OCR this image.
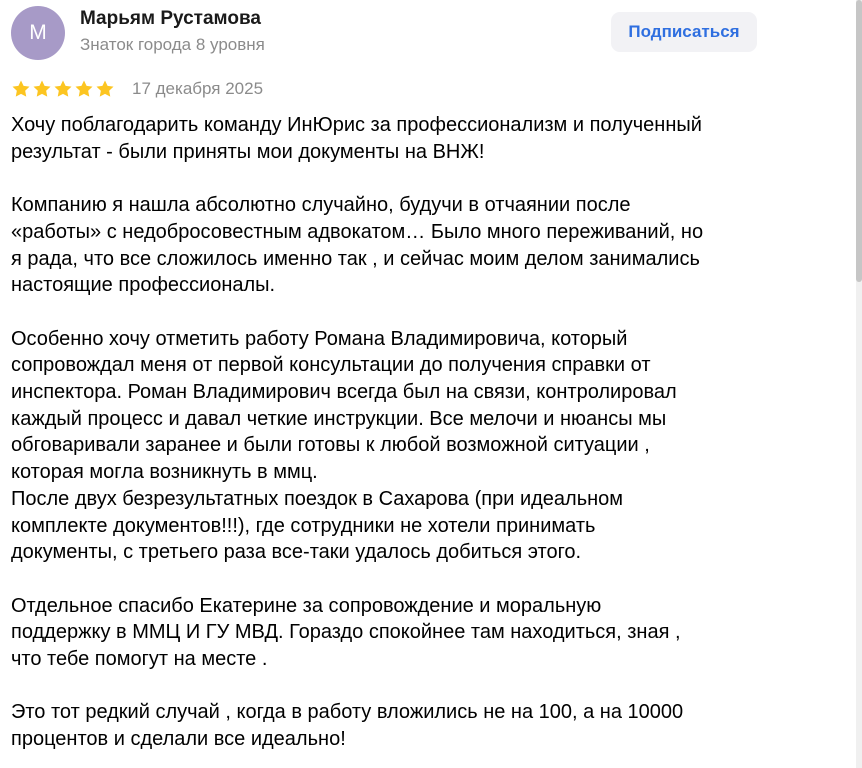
M
Марьям Рустамова
Знаток города 8 уровня
Подписаться
17 декабря 2025

Хочу поблагодарить команду ИнЮрис за профессионализм и полученный
результат - были приняты мои документы на ВНЖ!

Компанию я нашла абсолютно случайно, будучи в отчаянии после
«работы» с недобросовестным адвокатом… Было много переживаний, но
я рада, что все сложилось именно так , и сейчас моим делом занимались
настоящие профессионалы.

Особенно хочу отметить работу Романа Владимировича, который
сопровождал меня от первой консультации до получения справки от
инспектора. Роман Владимирович всегда был на связи, контролировал
каждый процесс и давал четкие инструкции. Все мелочи и нюансы мы
обговаривали заранее и были готовы к любой возможной ситуации ,
которая могла возникнуть в ммц.
После двух безрезультатных поездок в Сахарова (при идеальном
комплекте документов!!!), где сотрудники не хотели принимать
документы, с третьего раза все-таки удалось добиться этого.

Отдельное спасибо Екатерине за сопровождение и моральную
поддержку в ММЦ И ГУ МВД. Гораздо спокойнее там находиться, зная ,
что тебе помогут на месте .

Это тот редкий случай , когда в работу вложились не на 100, а на 10000
процентов и сделали все идеально!
